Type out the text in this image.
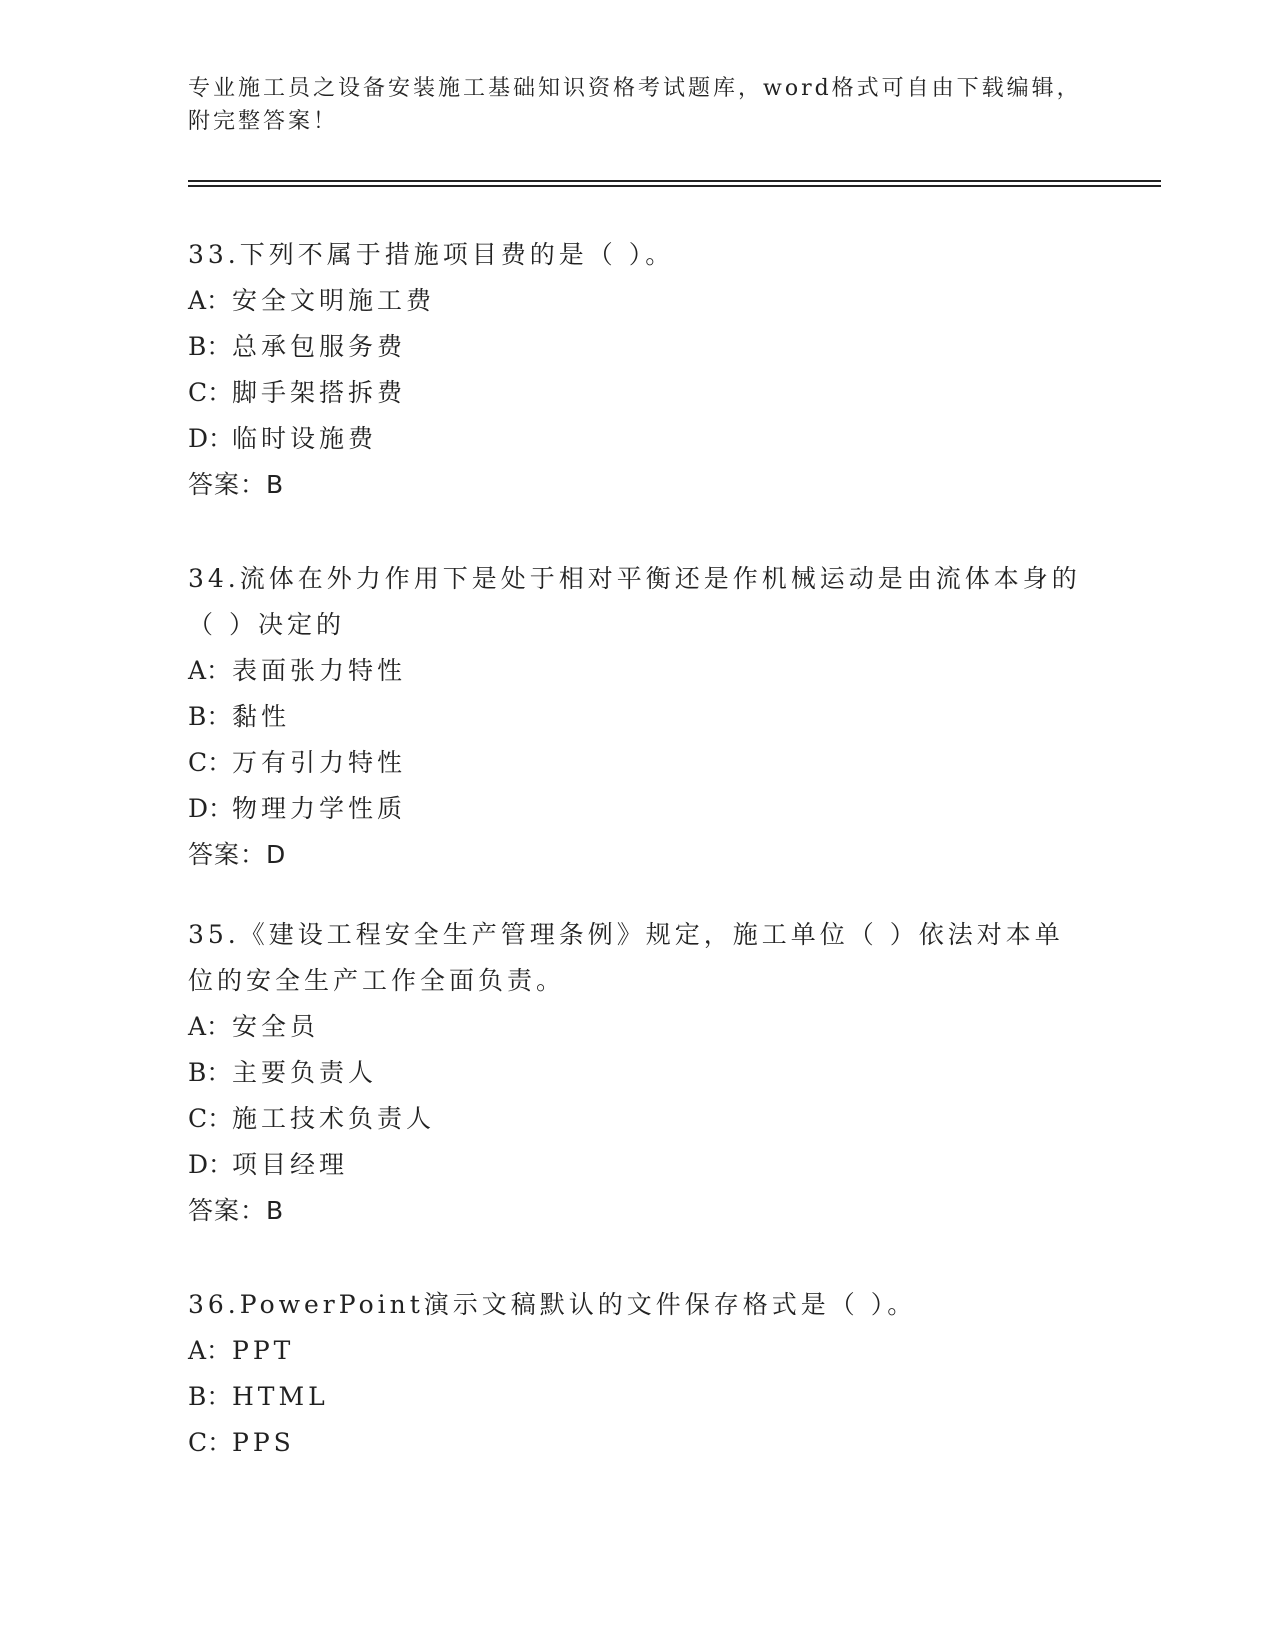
专业施工员之设备安装施工基础知识资格考试题库，word格式可自由下载编辑，附完整答案！
33.下列不属于措施项目费的是（ ）。
A：安全文明施工费
B：总承包服务费
C：脚手架搭拆费
D：临时设施费
答案：B
34.流体在外力作用下是处于相对平衡还是作机械运动是由流体本身的（ ）决定的
A：表面张力特性
B：黏性
C：万有引力特性
D：物理力学性质
答案：D
35.《建设工程安全生产管理条例》规定，施工单位（ ）依法对本单位的安全生产工作全面负责。
A：安全员
B：主要负责人
C：施工技术负责人
D：项目经理
答案：B
36.PowerPoint演示文稿默认的文件保存格式是（ ）。
A：PPT
B：HTML
C：PPS
